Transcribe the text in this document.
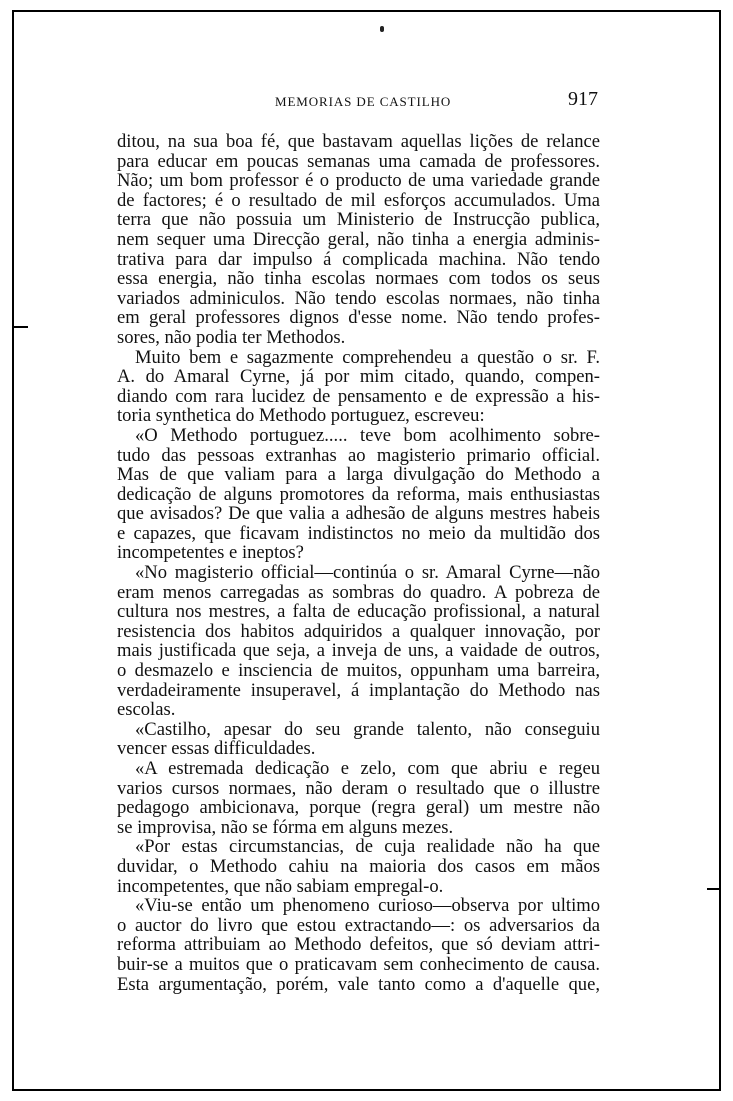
MEMORIAS DE CASTILHO	917
ditou, na sua boa fé, que bastavam aquellas lições de relance
para educar em poucas semanas uma camada de professores.
Não; um bom professor é o producto de uma variedade grande
de factores; é o resultado de mil esforços accumulados. Uma
terra que não possuia um Ministerio de Instrucção publica,
nem sequer uma Direcção geral, não tinha a energia adminis-
trativa para dar impulso á complicada machina. Não tendo
essa energia, não tinha escolas normaes com todos os seus
variados adminiculos. Não tendo escolas normaes, não tinha
em geral professores dignos d'esse nome. Não tendo profes-
sores, não podia ter Methodos.
Muito bem e sagazmente comprehendeu a questão o sr. F.
A. do Amaral Cyrne, já por mim citado, quando, compen-
diando com rara lucidez de pensamento e de expressão a his-
toria synthetica do Methodo portuguez, escreveu:
«O Methodo portuguez..... teve bom acolhimento sobre-
tudo das pessoas extranhas ao magisterio primario official.
Mas de que valiam para a larga divulgação do Methodo a
dedicação de alguns promotores da reforma, mais enthusiastas
que avisados? De que valia a adhesão de alguns mestres habeis
e capazes, que ficavam indistinctos no meio da multidão dos
incompetentes e ineptos?
«No magisterio official—continúa o sr. Amaral Cyrne—não
eram menos carregadas as sombras do quadro. A pobreza de
cultura nos mestres, a falta de educação profissional, a natural
resistencia dos habitos adquiridos a qualquer innovação, por
mais justificada que seja, a inveja de uns, a vaidade de outros,
o desmazelo e insciencia de muitos, oppunham uma barreira,
verdadeiramente insuperavel, á implantação do Methodo nas
escolas.
«Castilho, apesar do seu grande talento, não conseguiu
vencer essas difficuldades.
«A estremada dedicação e zelo, com que abriu e regeu
varios cursos normaes, não deram o resultado que o illustre
pedagogo ambicionava, porque (regra geral) um mestre não
se improvisa, não se fórma em alguns mezes.
«Por estas circumstancias, de cuja realidade não ha que
duvidar, o Methodo cahiu na maioria dos casos em mãos
incompetentes, que não sabiam empregal-o.
«Viu-se então um phenomeno curioso—observa por ultimo
o auctor do livro que estou extractando—: os adversarios da
reforma attribuiam ao Methodo defeitos, que só deviam attri-
buir-se a muitos que o praticavam sem conhecimento de causa.
Esta argumentação, porém, vale tanto como a d'aquelle que,
